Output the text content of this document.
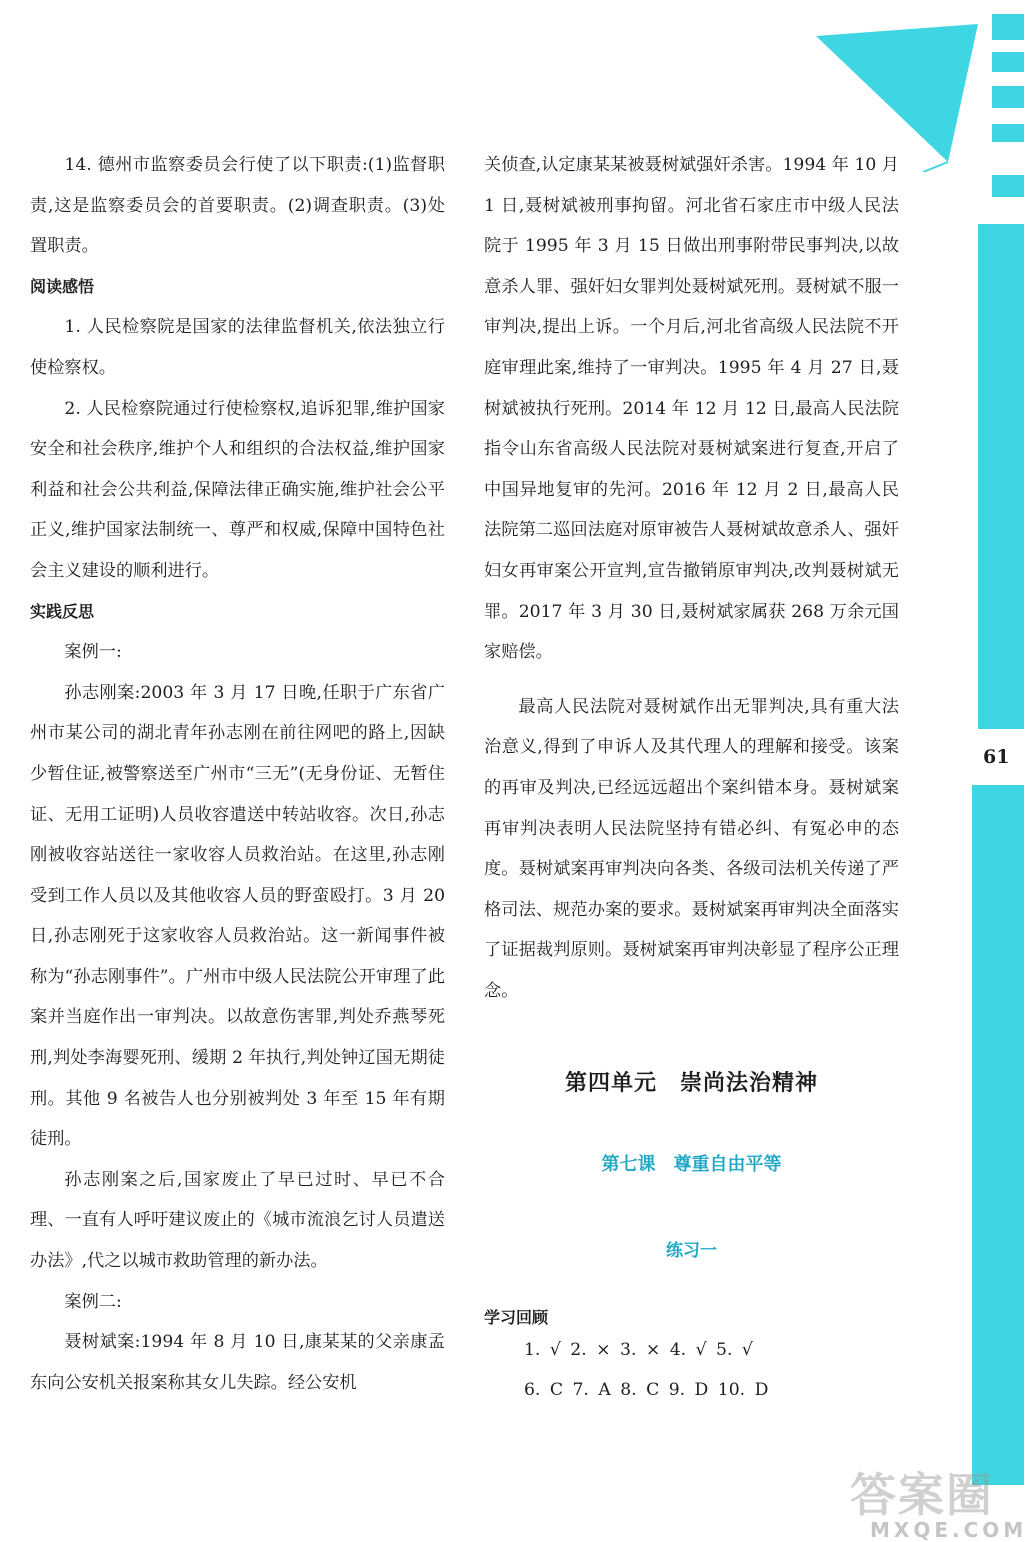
61

14. 德州市监察委员会行使了以下职责:(1)监督职责,这是监察委员会的首要职责。(2)调查职责。(3)处置职责。

阅读感悟

1. 人民检察院是国家的法律监督机关,依法独立行使检察权。

2. 人民检察院通过行使检察权,追诉犯罪,维护国家安全和社会秩序,维护个人和组织的合法权益,维护国家利益和社会公共利益,保障法律正确实施,维护社会公平正义,维护国家法制统一、尊严和权威,保障中国特色社会主义建设的顺利进行。

实践反思

案例一:

孙志刚案:2003 年 3 月 17 日晚,任职于广东省广州市某公司的湖北青年孙志刚在前往网吧的路上,因缺少暂住证,被警察送至广州市“三无”(无身份证、无暂住证、无用工证明)人员收容遣送中转站收容。次日,孙志刚被收容站送往一家收容人员救治站。在这里,孙志刚受到工作人员以及其他收容人员的野蛮殴打。3 月 20 日,孙志刚死于这家收容人员救治站。这一新闻事件被称为“孙志刚事件”。广州市中级人民法院公开审理了此案并当庭作出一审判决。以故意伤害罪,判处乔燕琴死刑,判处李海婴死刑、缓期 2 年执行,判处钟辽国无期徒刑。其他 9 名被告人也分别被判处 3 年至 15 年有期徒刑。

孙志刚案之后,国家废止了早已过时、早已不合理、一直有人呼吁建议废止的《城市流浪乞讨人员遣送办法》,代之以城市救助管理的新办法。

案例二:

聂树斌案:1994 年 8 月 10 日,康某某的父亲康孟东向公安机关报案称其女儿失踪。经公安机

关侦查,认定康某某被聂树斌强奸杀害。1994 年 10 月 1 日,聂树斌被刑事拘留。河北省石家庄市中级人民法院于 1995 年 3 月 15 日做出刑事附带民事判决,以故意杀人罪、强奸妇女罪判处聂树斌死刑。聂树斌不服一审判决,提出上诉。一个月后,河北省高级人民法院不开庭审理此案,维持了一审判决。1995 年 4 月 27 日,聂树斌被执行死刑。2014 年 12 月 12 日,最高人民法院指令山东省高级人民法院对聂树斌案进行复查,开启了中国异地复审的先河。2016 年 12 月 2 日,最高人民法院第二巡回法庭对原审被告人聂树斌故意杀人、强奸妇女再审案公开宣判,宣告撤销原审判决,改判聂树斌无罪。2017 年 3 月 30 日,聂树斌家属获 268 万余元国家赔偿。

最高人民法院对聂树斌作出无罪判决,具有重大法治意义,得到了申诉人及其代理人的理解和接受。该案的再审及判决,已经远远超出个案纠错本身。聂树斌案再审判决表明人民法院坚持有错必纠、有冤必申的态度。聂树斌案再审判决向各类、各级司法机关传递了严格司法、规范办案的要求。聂树斌案再审判决全面落实了证据裁判原则。聂树斌案再审判决彰显了程序公正理念。

第四单元　崇尚法治精神

第七课　尊重自由平等

练习一

学习回顾

1. √ 2. × 3. × 4. √ 5. √

6. C 7. A 8. C 9. D 10. D

答案圈
MXQE.COM
